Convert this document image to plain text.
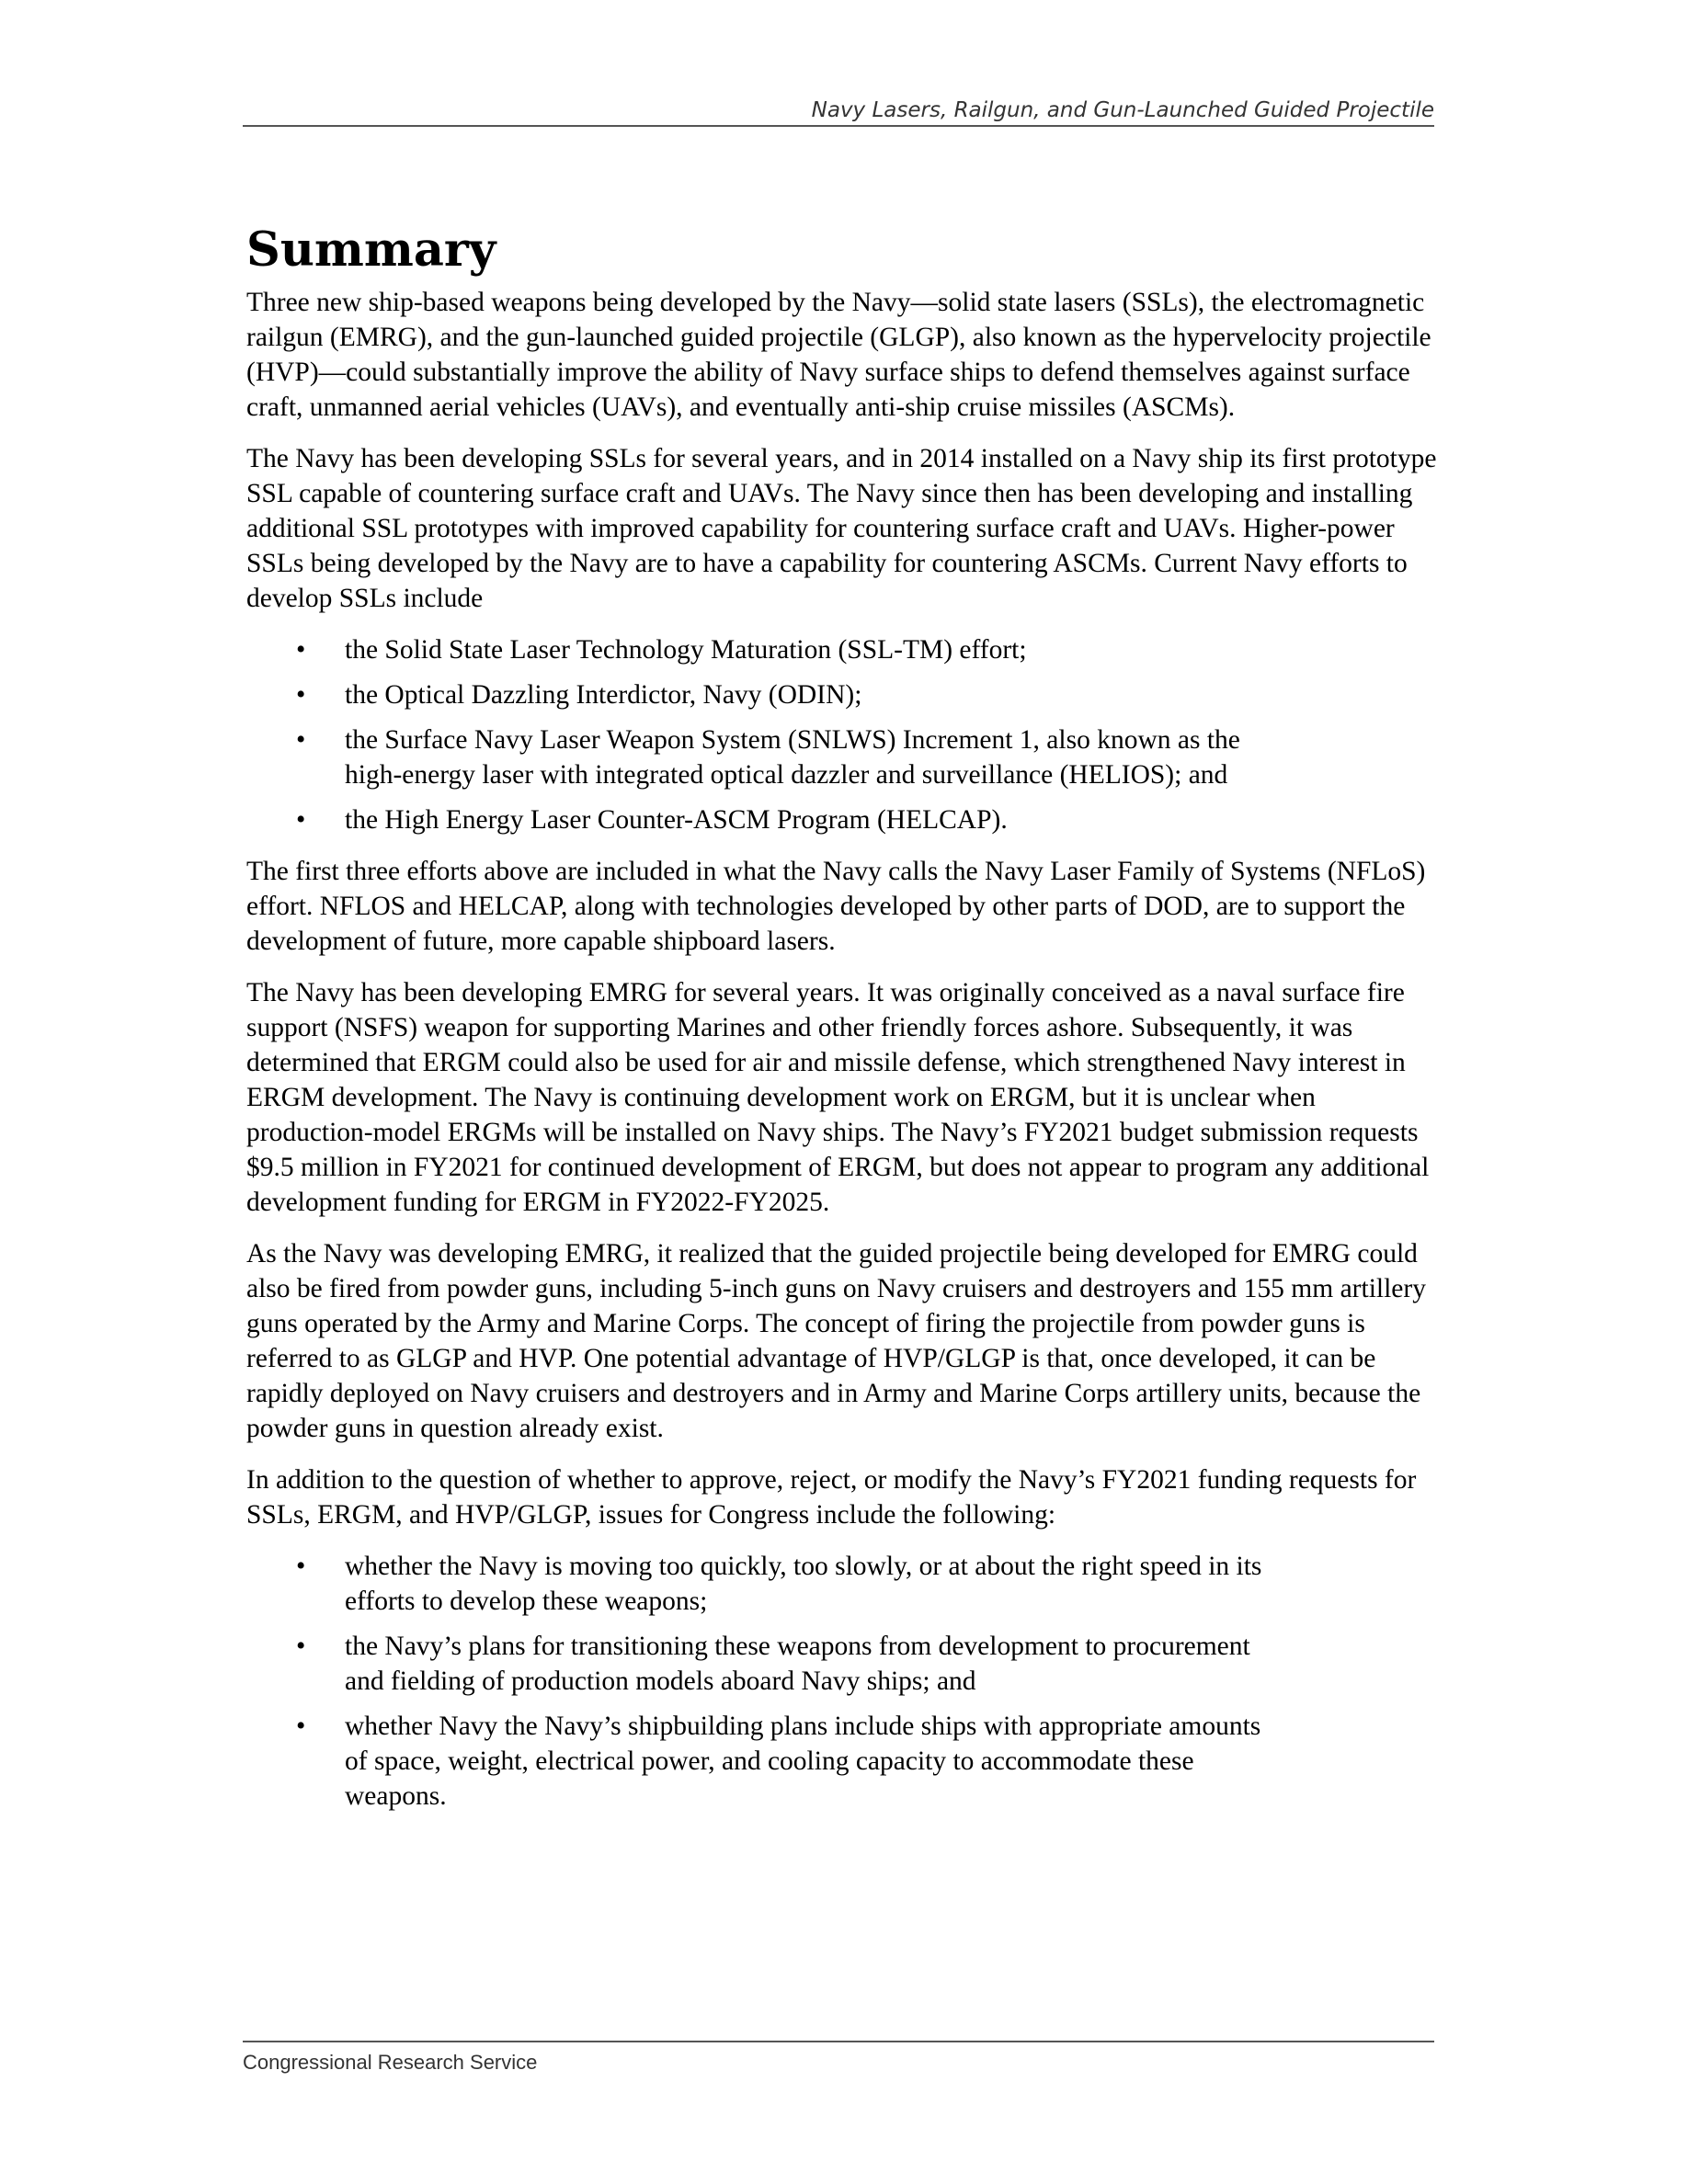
Navy Lasers, Railgun, and Gun-Launched Guided Projectile
Summary

Three new ship-based weapons being developed by the Navy—solid state lasers (SSLs), the electromagnetic railgun (EMRG), and the gun-launched guided projectile (GLGP), also known as the hypervelocity projectile (HVP)—could substantially improve the ability of Navy surface ships to defend themselves against surface craft, unmanned aerial vehicles (UAVs), and eventually anti-ship cruise missiles (ASCMs).

The Navy has been developing SSLs for several years, and in 2014 installed on a Navy ship its first prototype SSL capable of countering surface craft and UAVs. The Navy since then has been developing and installing additional SSL prototypes with improved capability for countering surface craft and UAVs. Higher-power SSLs being developed by the Navy are to have a capability for countering ASCMs. Current Navy efforts to develop SSLs include

• the Solid State Laser Technology Maturation (SSL-TM) effort;
• the Optical Dazzling Interdictor, Navy (ODIN);
• the Surface Navy Laser Weapon System (SNLWS) Increment 1, also known as the high-energy laser with integrated optical dazzler and surveillance (HELIOS); and
• the High Energy Laser Counter-ASCM Program (HELCAP).

The first three efforts above are included in what the Navy calls the Navy Laser Family of Systems (NFLoS) effort. NFLOS and HELCAP, along with technologies developed by other parts of DOD, are to support the development of future, more capable shipboard lasers.

The Navy has been developing EMRG for several years. It was originally conceived as a naval surface fire support (NSFS) weapon for supporting Marines and other friendly forces ashore. Subsequently, it was determined that ERGM could also be used for air and missile defense, which strengthened Navy interest in ERGM development. The Navy is continuing development work on ERGM, but it is unclear when production-model ERGMs will be installed on Navy ships. The Navy’s FY2021 budget submission requests $9.5 million in FY2021 for continued development of ERGM, but does not appear to program any additional development funding for ERGM in FY2022-FY2025.

As the Navy was developing EMRG, it realized that the guided projectile being developed for EMRG could also be fired from powder guns, including 5-inch guns on Navy cruisers and destroyers and 155 mm artillery guns operated by the Army and Marine Corps. The concept of firing the projectile from powder guns is referred to as GLGP and HVP. One potential advantage of HVP/GLGP is that, once developed, it can be rapidly deployed on Navy cruisers and destroyers and in Army and Marine Corps artillery units, because the powder guns in question already exist.

In addition to the question of whether to approve, reject, or modify the Navy’s FY2021 funding requests for SSLs, ERGM, and HVP/GLGP, issues for Congress include the following:

• whether the Navy is moving too quickly, too slowly, or at about the right speed in its efforts to develop these weapons;
• the Navy’s plans for transitioning these weapons from development to procurement and fielding of production models aboard Navy ships; and
• whether Navy the Navy’s shipbuilding plans include ships with appropriate amounts of space, weight, electrical power, and cooling capacity to accommodate these weapons.
Congressional Research Service
